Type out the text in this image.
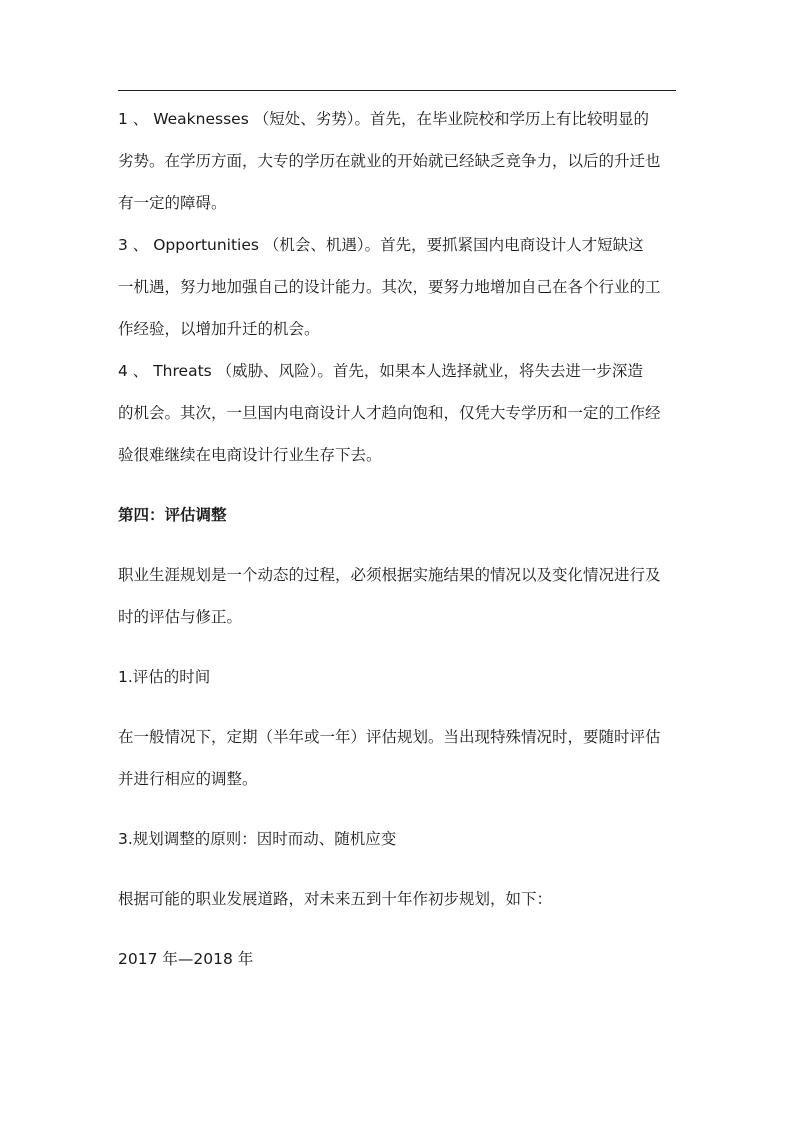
1 、 Weaknesses （短处、劣势）。首先，在毕业院校和学历上有比较明显的
劣势。在学历方面，大专的学历在就业的开始就已经缺乏竞争力，以后的升迁也
有一定的障碍。
3 、 Opportunities （机会、机遇）。首先，要抓紧国内电商设计人才短缺这
一机遇，努力地加强自己的设计能力。其次，要努力地增加自己在各个行业的工
作经验，以增加升迁的机会。
4 、 Threats （威胁、风险）。首先，如果本人选择就业，将失去进一步深造
的机会。其次，一旦国内电商设计人才趋向饱和，仅凭大专学历和一定的工作经
验很难继续在电商设计行业生存下去。
第四：评估调整
职业生涯规划是一个动态的过程，必须根据实施结果的情况以及变化情况进行及
时的评估与修正。
1.评估的时间
在一般情况下，定期（半年或一年）评估规划。当出现特殊情况时，要随时评估
并进行相应的调整。
3.规划调整的原则：因时而动、随机应变
根据可能的职业发展道路，对未来五到十年作初步规划，如下：
2017 年—2018 年
